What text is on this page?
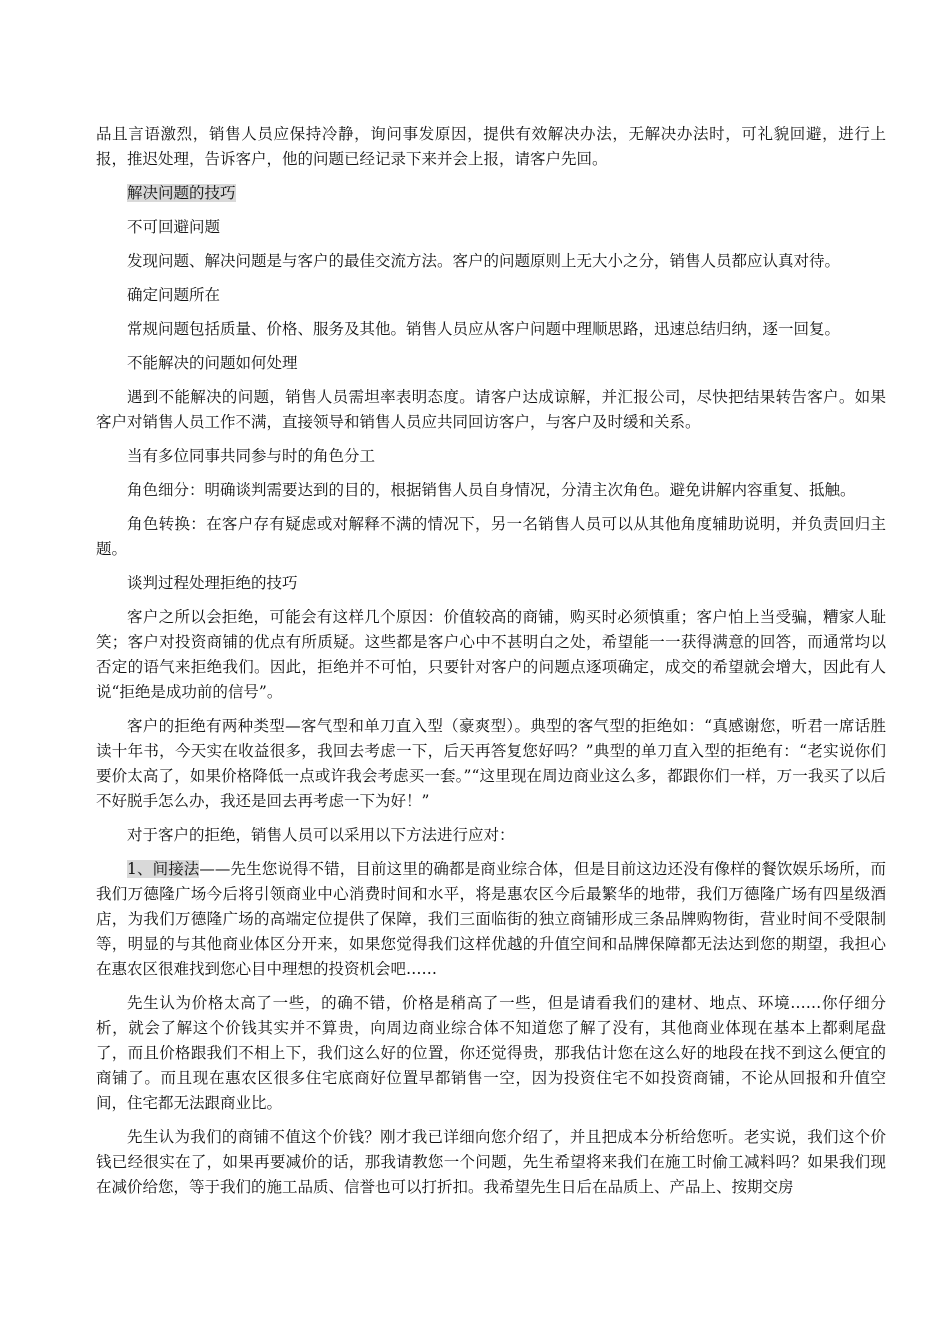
品且言语激烈，销售人员应保持冷静，询问事发原因，提供有效解决办法，无解决办法时，可礼貌回避，进行上报，推迟处理，告诉客户，他的问题已经记录下来并会上报，请客户先回。

解决问题的技巧

不可回避问题

发现问题、解决问题是与客户的最佳交流方法。客户的问题原则上无大小之分，销售人员都应认真对待。

确定问题所在

常规问题包括质量、价格、服务及其他。销售人员应从客户问题中理顺思路，迅速总结归纳，逐一回复。

不能解决的问题如何处理

遇到不能解决的问题，销售人员需坦率表明态度。请客户达成谅解，并汇报公司，尽快把结果转告客户。如果客户对销售人员工作不满，直接领导和销售人员应共同回访客户，与客户及时缓和关系。

当有多位同事共同参与时的角色分工

角色细分：明确谈判需要达到的目的，根据销售人员自身情况，分清主次角色。避免讲解内容重复、抵触。

角色转换：在客户存有疑虑或对解释不满的情况下，另一名销售人员可以从其他角度辅助说明，并负责回归主题。

谈判过程处理拒绝的技巧

客户之所以会拒绝，可能会有这样几个原因：价值较高的商铺，购买时必须慎重；客户怕上当受骗，糟家人耻笑；客户对投资商铺的优点有所质疑。这些都是客户心中不甚明白之处，希望能一一获得满意的回答，而通常均以否定的语气来拒绝我们。因此，拒绝并不可怕，只要针对客户的问题点逐项确定，成交的希望就会增大，因此有人说“拒绝是成功前的信号”。

客户的拒绝有两种类型—客气型和单刀直入型（豪爽型）。典型的客气型的拒绝如：“真感谢您，听君一席话胜读十年书，今天实在收益很多，我回去考虑一下，后天再答复您好吗？”典型的单刀直入型的拒绝有：“老实说你们要价太高了，如果价格降低一点或许我会考虑买一套。”“这里现在周边商业这么多，都跟你们一样，万一我买了以后不好脱手怎么办，我还是回去再考虑一下为好！”

对于客户的拒绝，销售人员可以采用以下方法进行应对：

1、间接法——先生您说得不错，目前这里的确都是商业综合体，但是目前这边还没有像样的餐饮娱乐场所，而我们万德隆广场今后将引领商业中心消费时间和水平，将是惠农区今后最繁华的地带，我们万德隆广场有四星级酒店，为我们万德隆广场的高端定位提供了保障，我们三面临街的独立商铺形成三条品牌购物街，营业时间不受限制等，明显的与其他商业体区分开来，如果您觉得我们这样优越的升值空间和品牌保障都无法达到您的期望，我担心在惠农区很难找到您心目中理想的投资机会吧……

先生认为价格太高了一些，的确不错，价格是稍高了一些，但是请看我们的建材、地点、环境……你仔细分析，就会了解这个价钱其实并不算贵，向周边商业综合体不知道您了解了没有，其他商业体现在基本上都剩尾盘了，而且价格跟我们不相上下，我们这么好的位置，你还觉得贵，那我估计您在这么好的地段在找不到这么便宜的商铺了。而且现在惠农区很多住宅底商好位置早都销售一空，因为投资住宅不如投资商铺，不论从回报和升值空间，住宅都无法跟商业比。

先生认为我们的商铺不值这个价钱？刚才我已详细向您介绍了，并且把成本分析给您听。老实说，我们这个价钱已经很实在了，如果再要减价的话，那我请教您一个问题，先生希望将来我们在施工时偷工减料吗？如果我们现在减价给您，等于我们的施工品质、信誉也可以打折扣。我希望先生日后在品质上、产品上、按期交房
